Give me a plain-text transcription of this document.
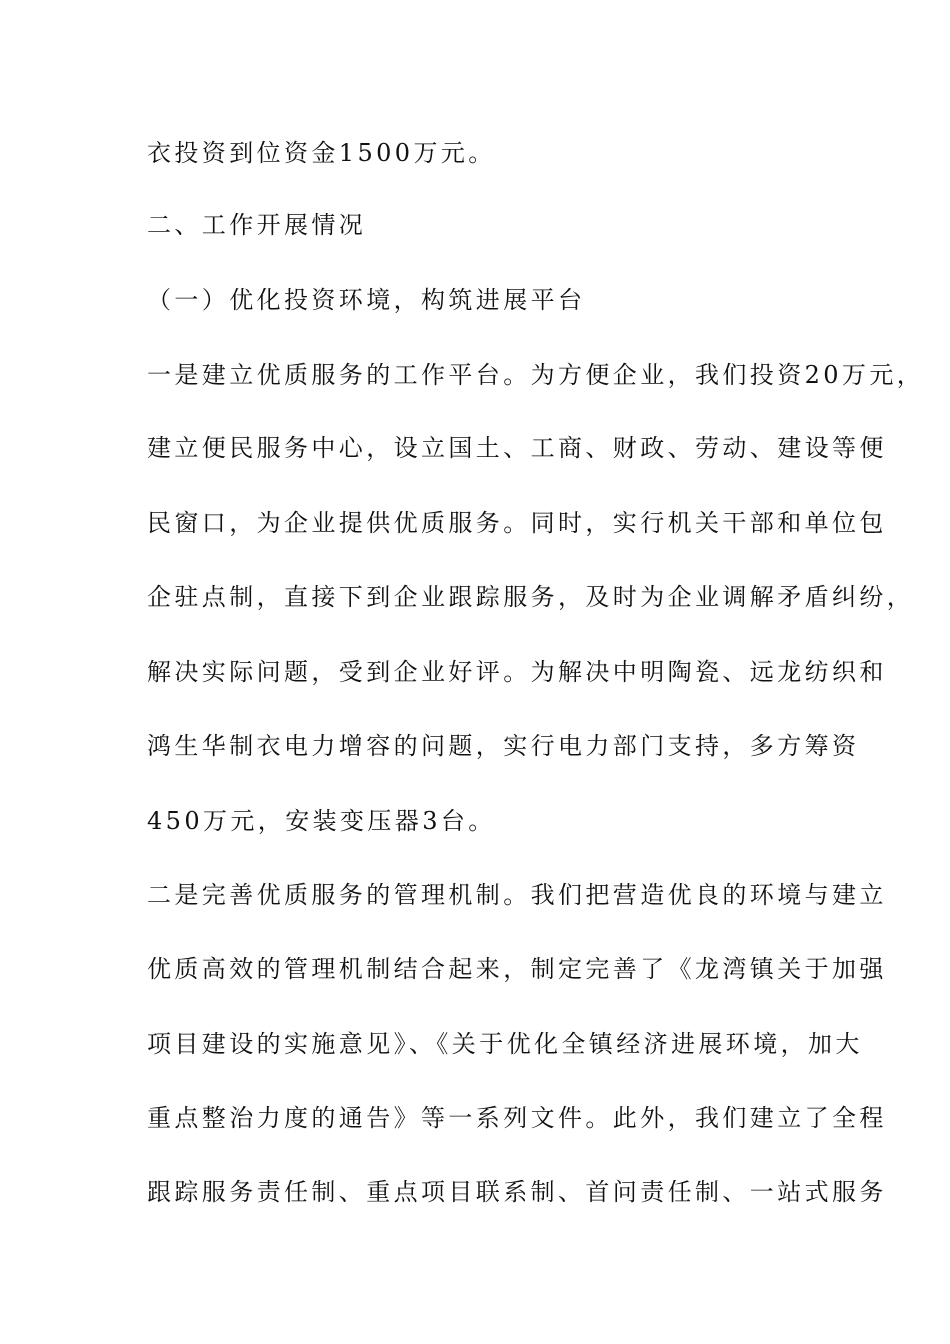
衣投资到位资金1500万元。
二、工作开展情况
（一）优化投资环境，构筑进展平台
一是建立优质服务的工作平台。为方便企业，我们投资20万元，
建立便民服务中心，设立国土、工商、财政、劳动、建设等便
民窗口，为企业提供优质服务。同时，实行机关干部和单位包
企驻点制，直接下到企业跟踪服务，及时为企业调解矛盾纠纷，
解决实际问题，受到企业好评。为解决中明陶瓷、远龙纺织和
鸿生华制衣电力增容的问题，实行电力部门支持，多方筹资
450万元，安装变压器3台。
二是完善优质服务的管理机制。我们把营造优良的环境与建立
优质高效的管理机制结合起来，制定完善了《龙湾镇关于加强
项目建设的实施意见》、《关于优化全镇经济进展环境，加大
重点整治力度的通告》等一系列文件。此外，我们建立了全程
跟踪服务责任制、重点项目联系制、首问责任制、一站式服务
